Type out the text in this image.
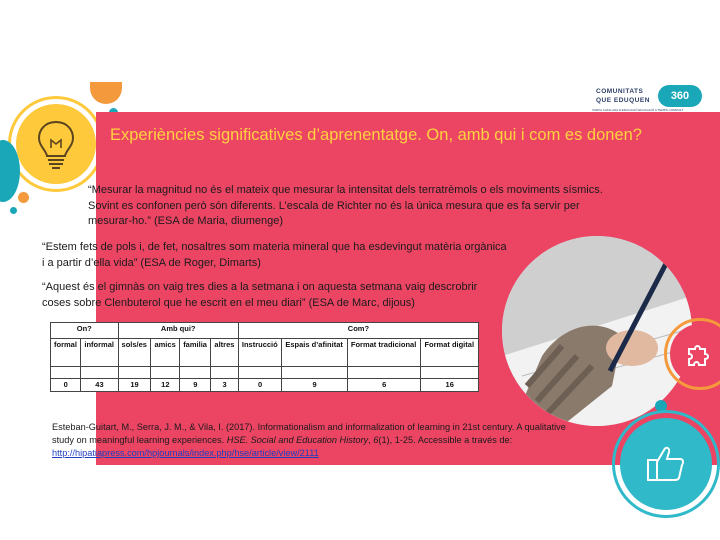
COMUNITATS
QUE EDUQUEN	360
XARXA CATALANA D’EDUCACIÓ EDUCACIÓ A TEMPS COMPLET
Experiències significatives d’aprenentatge. On, amb qui i com es donen?
“Mesurar la magnitud no és el mateix que mesurar la intensitat dels terratrèmols o els moviments sísmics. Sovint es confonen però són diferents. L’escala de Richter no és la única mesura que es fa servir per mesurar-ho.” (ESA de Maria, diumenge)
“Estem fets de pols i, de fet, nosaltres som materia mineral que ha esdevingut matèria orgànica i a partir d’ella vida” (ESA de Roger, Dimarts)
“Aquest és el gimnàs on vaig tres dies a la setmana i on aquesta setmana vaig descrobrir coses sobre Clenbuterol que he escrit en el meu diari” (ESA de Marc, dijous)
On?		Amb qui?				Com?			
formal	informal	sols/es	amics	familia	altres	Instrucció	Espais d’afinitat	Format tradicional	Format digital

0	43	19	12	9	3	0	9	6	16
Esteban-Guitart, M., Serra, J. M., & Vila, I. (2017). Informationalism and informalization of learning in 21st century. A qualitative study on meaningful learning experiences. HSE. Social and Education History, 6(1), 1-25. Accessible a través de: http://hipatiapress.com/hpjournals/index.php/hse/article/view/2111
